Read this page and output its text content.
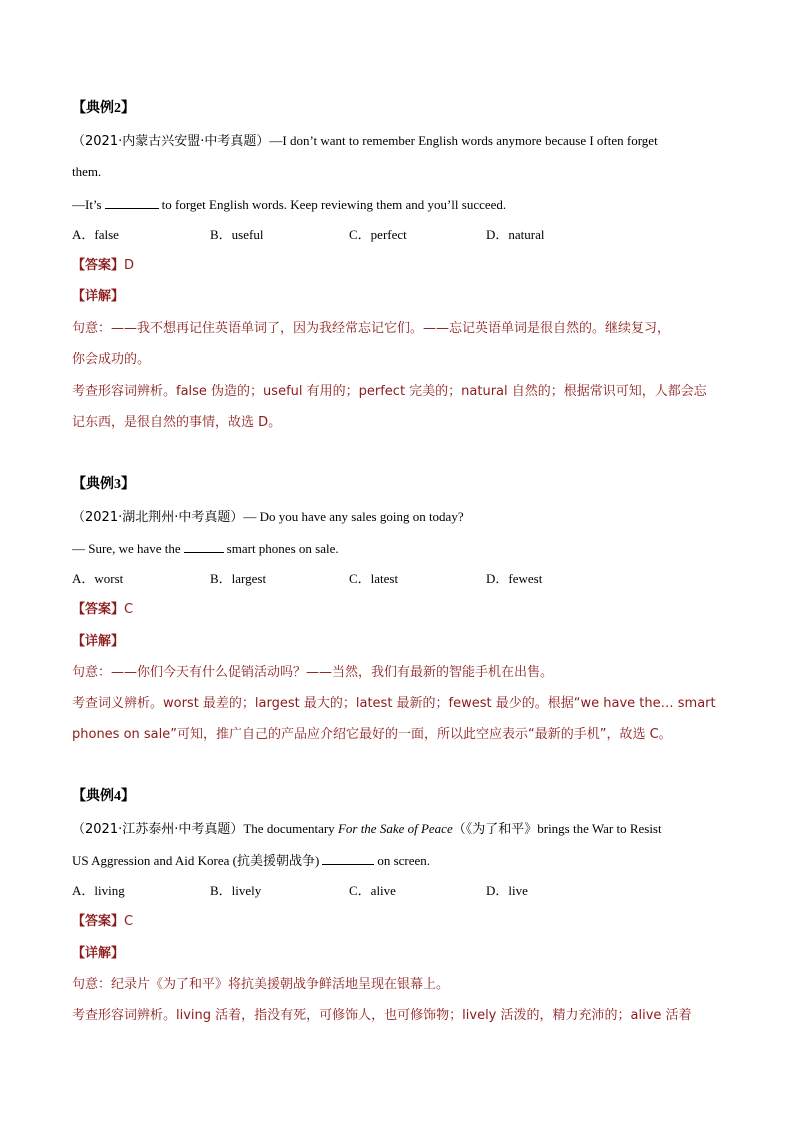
【典例2】
（2021·内蒙古兴安盟·中考真题）—I don’t want to remember English words anymore because I often forget
them.
—It’s	to forget English words. Keep reviewing them and you’ll succeed.
A．false	B．useful	C．perfect	D．natural
【答案】D
【详解】
句意：——我不想再记住英语单词了，因为我经常忘记它们。——忘记英语单词是很自然的。继续复习，
你会成功的。
考查形容词辨析。false 伪造的；useful 有用的；perfect 完美的；natural 自然的；根据常识可知，人都会忘
记东西，是很自然的事情，故选 D。
【典例3】
（2021·湖北荆州·中考真题）— Do you have any sales going on today?
— Sure, we have the	smart phones on sale.
A．worst	B．largest	C．latest	D．fewest
【答案】C
【详解】
句意：——你们今天有什么促销活动吗？——当然，我们有最新的智能手机在出售。
考查词义辨析。worst 最差的；largest 最大的；latest 最新的；fewest 最少的。根据“we have the… smart
phones on sale”可知，推广自己的产品应介绍它最好的一面，所以此空应表示“最新的手机”，故选 C。
【典例4】
（2021·江苏泰州·中考真题）The documentary For the Sake of Peace（《为了和平》brings the War to Resist
US Aggression and Aid Korea (抗美援朝战争)	on screen.
A．living	B．lively	C．alive	D．live
【答案】C
【详解】
句意：纪录片《为了和平》将抗美援朝战争鲜活地呈现在银幕上。
考查形容词辨析。living 活着，指没有死，可修饰人，也可修饰物；lively 活泼的，精力充沛的；alive 活着
